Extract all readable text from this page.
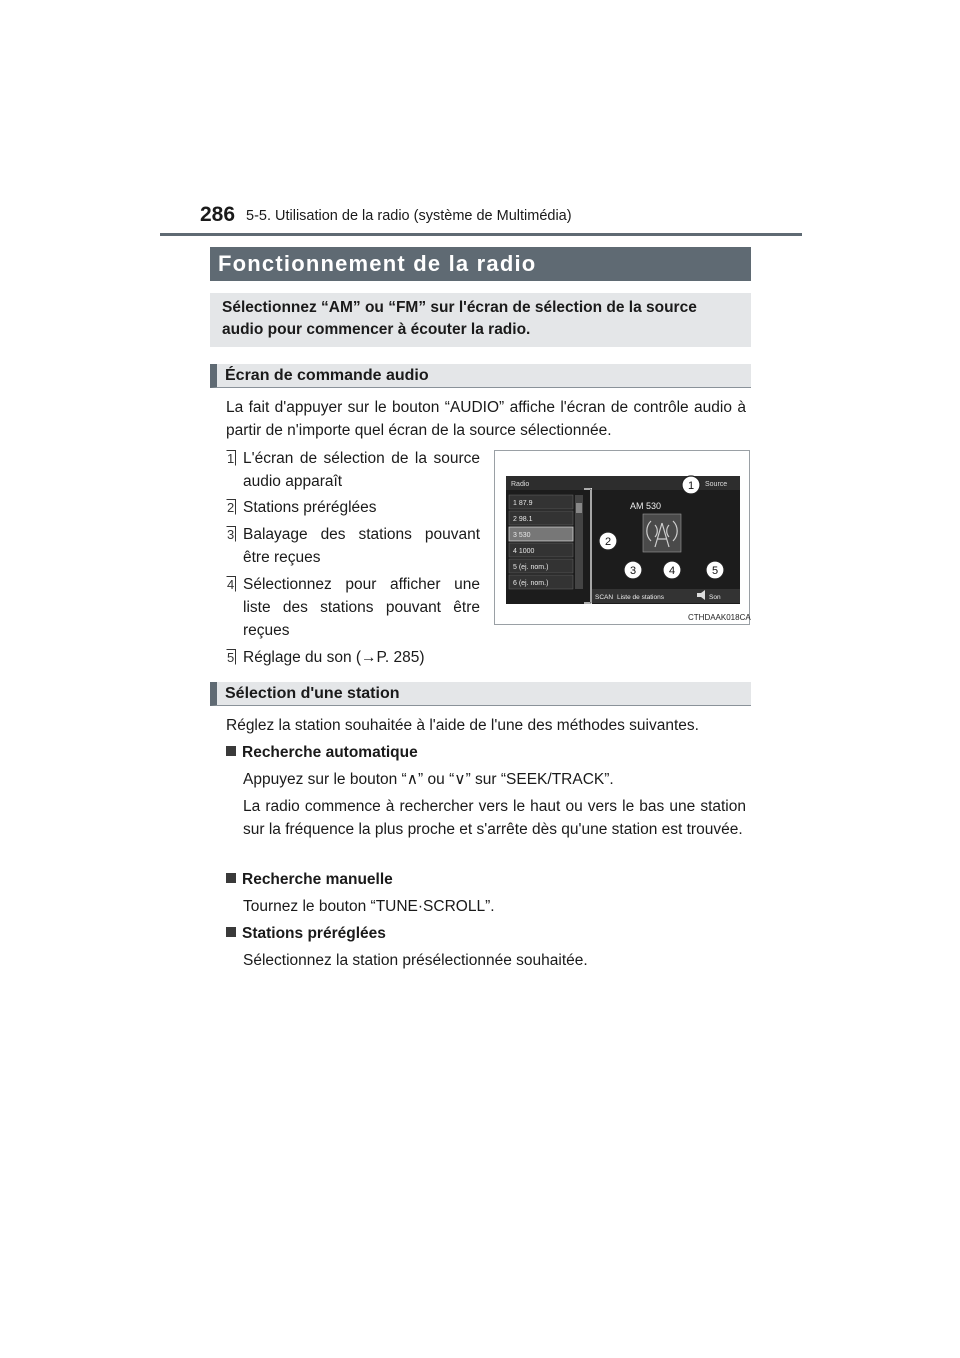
286 5-5. Utilisation de la radio (système de Multimédia)
Fonctionnement de la radio
Sélectionnez “AM” ou “FM” sur l'écran de sélection de la source audio pour commencer à écouter la radio.
Écran de commande audio
La fait d'appuyer sur le bouton “AUDIO” affiche l'écran de contrôle audio à partir de n'importe quel écran de la source sélectionnée.
1 L'écran de sélection de la source audio apparaît
2 Stations préréglées
3 Balayage des stations pouvant être reçues
4 Sélectionnez pour afficher une liste des stations pouvant être reçues
5 Réglage du son (→P. 285)
Radio	Source
1 87.9
2 98.1
3 530
4 1000
5 (ej. nom.)
6 (ej. nom.)
AM 530
SCAN Liste de stations	Son
1
2
3	4	5
CTHDAAK018CA
Sélection d'une station
Réglez la station souhaitée à l'aide de l'une des méthodes suivantes.
Recherche automatique
Appuyez sur le bouton “∧” ou “∨” sur “SEEK/TRACK”.
La radio commence à rechercher vers le haut ou vers le bas une station sur la fréquence la plus proche et s'arrête dès qu'une station est trouvée.
Recherche manuelle
Tournez le bouton “TUNE·SCROLL”.
Stations préréglées
Sélectionnez la station présélectionnée souhaitée.
